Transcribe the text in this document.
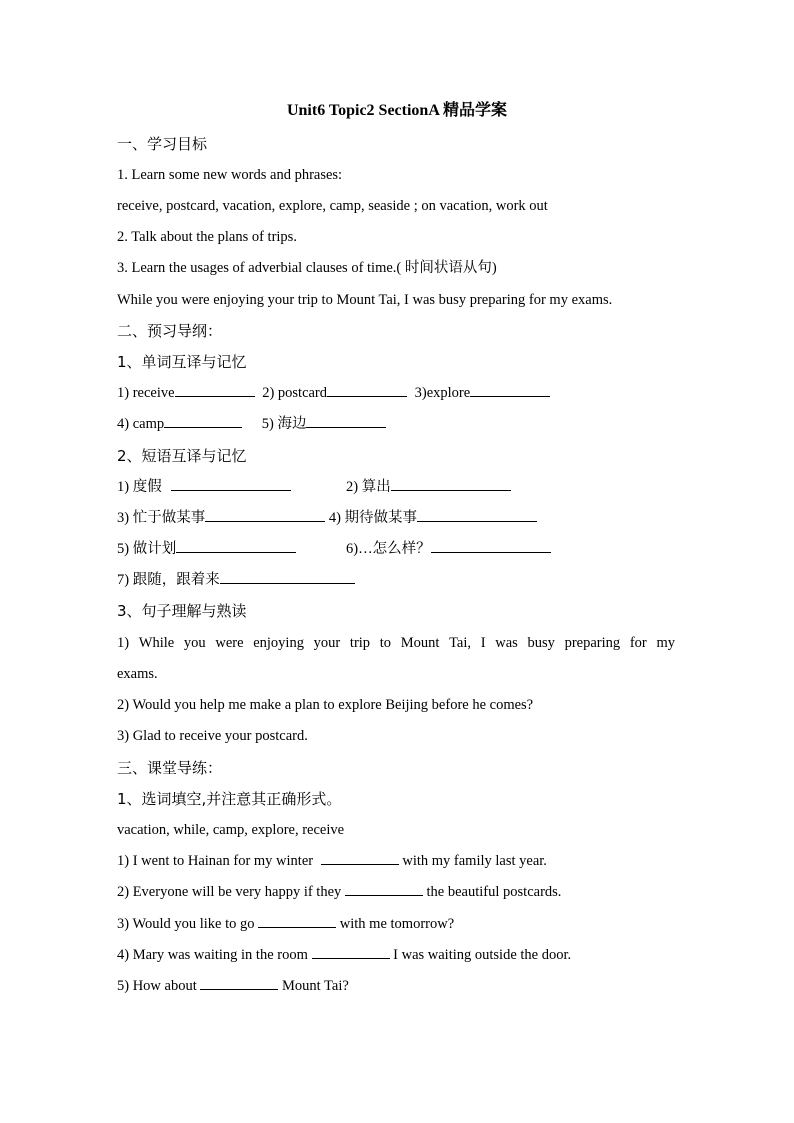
Unit6 Topic2 SectionA 精品学案
一、学习目标
1. Learn some new words and phrases:
receive, postcard, vacation, explore, camp, seaside ; on vacation, work out
2. Talk about the plans of trips.
3. Learn the usages of adverbial clauses of time.( 时间状语从句)
While you were enjoying your trip to Mount Tai, I was busy preparing for my exams.
二、预习导纲：
1、单词互译与记忆
1) receive	2) postcard	3)explore
4) camp	5) 海边
2、短语互译与记忆
1) 度假	2) 算出
3) 忙于做某事	4) 期待做某事
5) 做计划	6)…怎么样？
7) 跟随，跟着来
3、句子理解与熟读
1) While you were enjoying your trip to Mount Tai, I was busy preparing for my
exams.
2) Would you help me make a plan to explore Beijing before he comes?
3) Glad to receive your postcard.
三、课堂导练：
1、选词填空,并注意其正确形式。
vacation, while, camp, explore, receive
1) I went to Hainan for my winter	with my family last year.
2) Everyone will be very happy if they	the beautiful postcards.
3) Would you like to go	with me tomorrow?
4) Mary was waiting in the room	I was waiting outside the door.
5) How about	Mount Tai?
